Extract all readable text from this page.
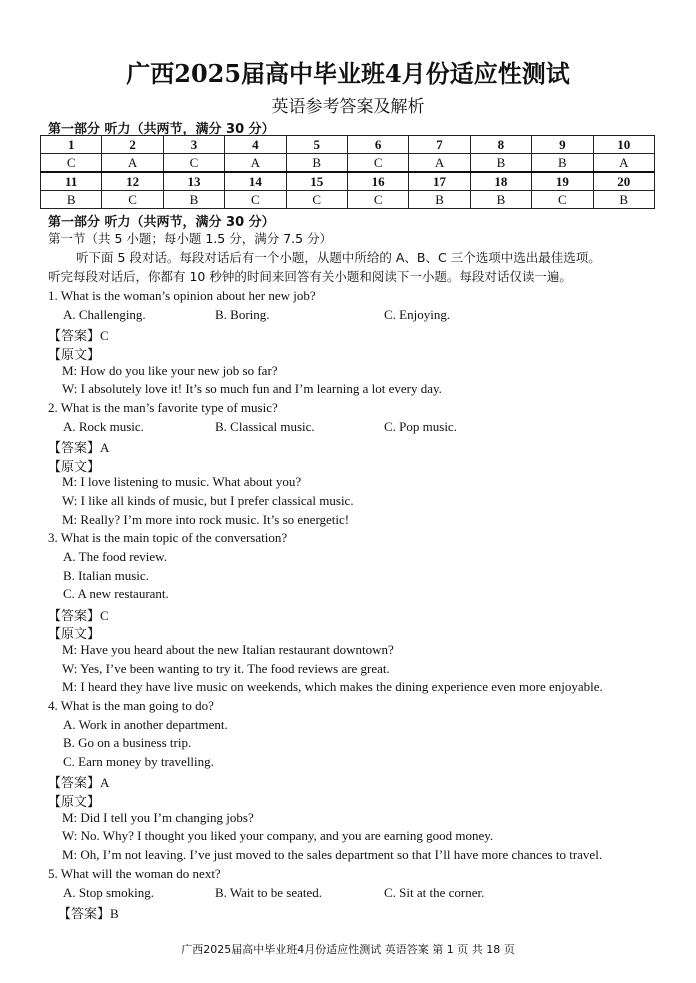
广西2025届高中毕业班4月份适应性测试
英语参考答案及解析
第一部分 听力（共两节，满分 30 分）
1	2	3	4	5	6	7	8	9	10
C	A	C	A	B	C	A	B	B	A
11	12	13	14	15	16	17	18	19	20
B	C	B	C	C	C	B	B	C	B
第一部分 听力（共两节，满分 30 分）
第一节（共 5 小题；每小题 1.5 分，满分 7.5 分）
听下面 5 段对话。每段对话后有一个小题，从题中所给的 A、B、C 三个选项中选出最佳选项。
听完每段对话后，你都有 10 秒钟的时间来回答有关小题和阅读下一小题。每段对话仅读一遍。
1. What is the woman’s opinion about her new job?
A. Challenging.	B. Boring.	C. Enjoying.
【答案】C
【原文】
M: How do you like your new job so far?
W: I absolutely love it! It’s so much fun and I’m learning a lot every day.
2. What is the man’s favorite type of music?
A. Rock music.	B. Classical music.	C. Pop music.
【答案】A
【原文】
M: I love listening to music. What about you?
W: I like all kinds of music, but I prefer classical music.
M: Really? I’m more into rock music. It’s so energetic!
3. What is the main topic of the conversation?
A. The food review.
B. Italian music.
C. A new restaurant.
【答案】C
【原文】
M: Have you heard about the new Italian restaurant downtown?
W: Yes, I’ve been wanting to try it. The food reviews are great.
M: I heard they have live music on weekends, which makes the dining experience even more enjoyable.
4. What is the man going to do?
A. Work in another department.
B. Go on a business trip.
C. Earn money by travelling.
【答案】A
【原文】
M: Did I tell you I’m changing jobs?
W: No. Why? I thought you liked your company, and you are earning good money.
M: Oh, I’m not leaving. I’ve just moved to the sales department so that I’ll have more chances to travel.
5. What will the woman do next?
A. Stop smoking.	B. Wait to be seated.	C. Sit at the corner.
【答案】B
广西2025届高中毕业班4月份适应性测试 英语答案 第 1 页 共 18 页
